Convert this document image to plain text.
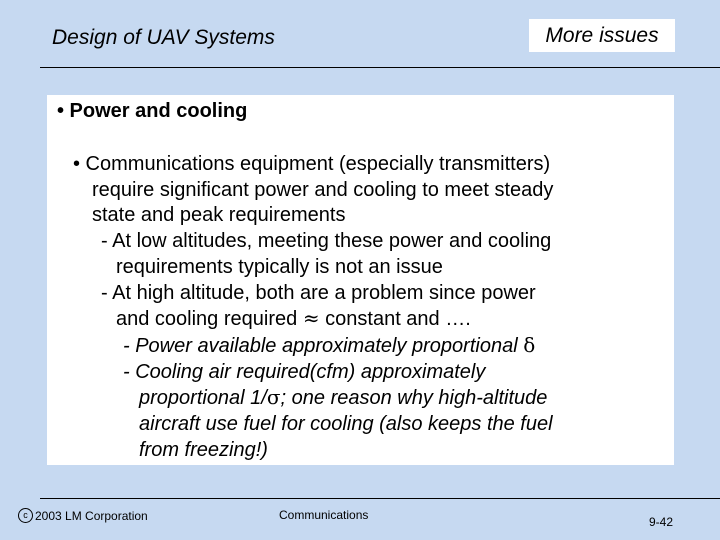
Design of UAV Systems	More issues
• Power and cooling
• Communications equipment (especially transmitters)
require significant power and cooling to meet steady
state and peak requirements
- At low altitudes, meeting these power and cooling
requirements typically is not an issue
- At high altitude, both are a problem since power
and cooling required ≈ constant and ….
- Power available approximately proportional δ
- Cooling air required(cfm) approximately
proportional 1/σ; one reason why high-altitude
aircraft use fuel for cooling (also keeps the fuel
from freezing!)
c 2003 LM Corporation	Communications	9-42
